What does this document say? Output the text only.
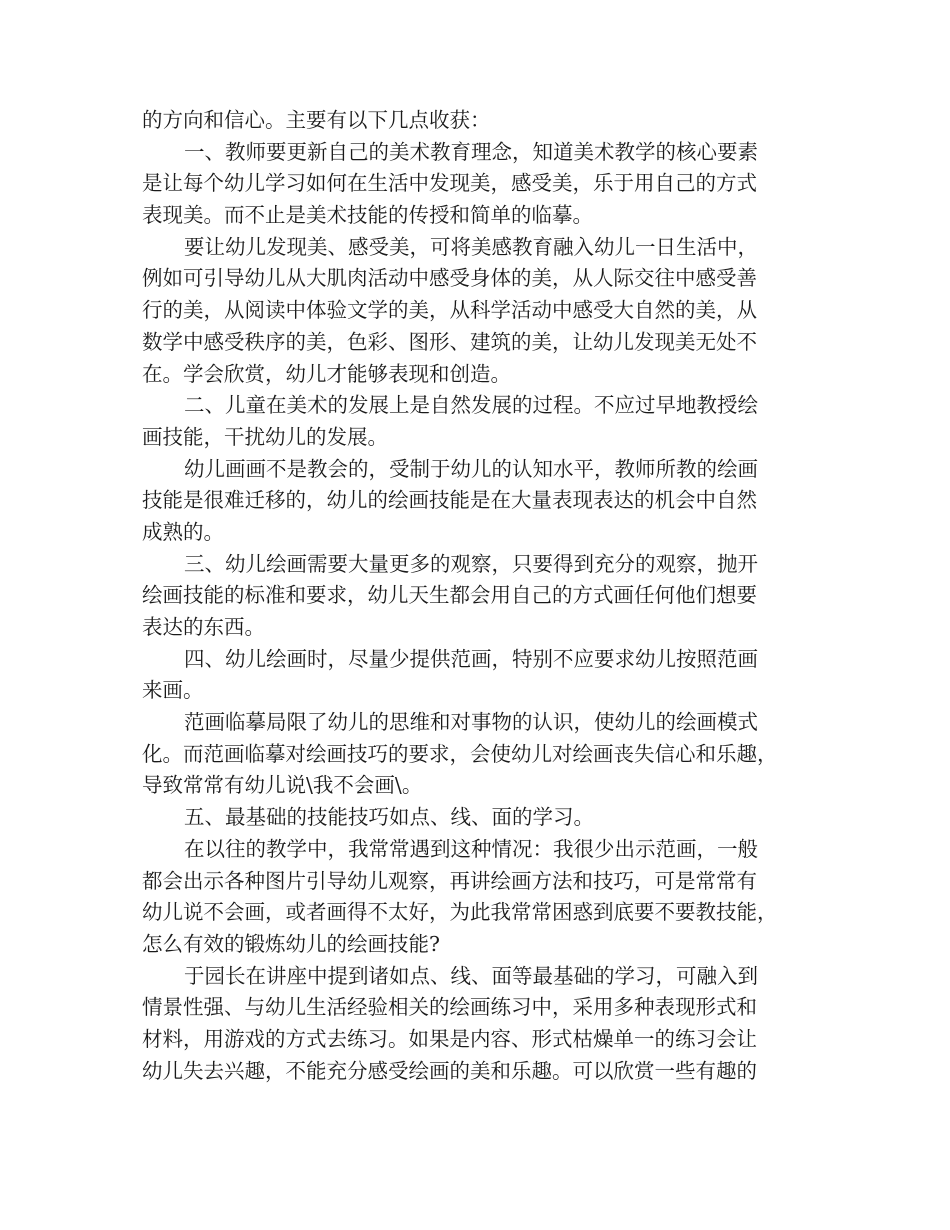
的方向和信心。主要有以下几点收获：
一、教师要更新自己的美术教育理念，知道美术教学的核心要素
是让每个幼儿学习如何在生活中发现美，感受美，乐于用自己的方式
表现美。而不止是美术技能的传授和简单的临摹。
要让幼儿发现美、感受美，可将美感教育融入幼儿一日生活中，
例如可引导幼儿从大肌肉活动中感受身体的美，从人际交往中感受善
行的美，从阅读中体验文学的美，从科学活动中感受大自然的美，从
数学中感受秩序的美，色彩、图形、建筑的美，让幼儿发现美无处不
在。学会欣赏，幼儿才能够表现和创造。
二、儿童在美术的发展上是自然发展的过程。不应过早地教授绘
画技能，干扰幼儿的发展。
幼儿画画不是教会的，受制于幼儿的认知水平，教师所教的绘画
技能是很难迁移的，幼儿的绘画技能是在大量表现表达的机会中自然
成熟的。
三、幼儿绘画需要大量更多的观察，只要得到充分的观察，抛开
绘画技能的标准和要求，幼儿天生都会用自己的方式画任何他们想要
表达的东西。
四、幼儿绘画时，尽量少提供范画，特别不应要求幼儿按照范画
来画。
范画临摹局限了幼儿的思维和对事物的认识，使幼儿的绘画模式
化。而范画临摹对绘画技巧的要求，会使幼儿对绘画丧失信心和乐趣，
导致常常有幼儿说\我不会画\。
五、最基础的技能技巧如点、线、面的学习。
在以往的教学中，我常常遇到这种情况：我很少出示范画，一般
都会出示各种图片引导幼儿观察，再讲绘画方法和技巧，可是常常有
幼儿说不会画，或者画得不太好，为此我常常困惑到底要不要教技能，
怎么有效的锻炼幼儿的绘画技能?
于园长在讲座中提到诸如点、线、面等最基础的学习，可融入到
情景性强、与幼儿生活经验相关的绘画练习中，采用多种表现形式和
材料，用游戏的方式去练习。如果是内容、形式枯燥单一的练习会让
幼儿失去兴趣，不能充分感受绘画的美和乐趣。可以欣赏一些有趣的
